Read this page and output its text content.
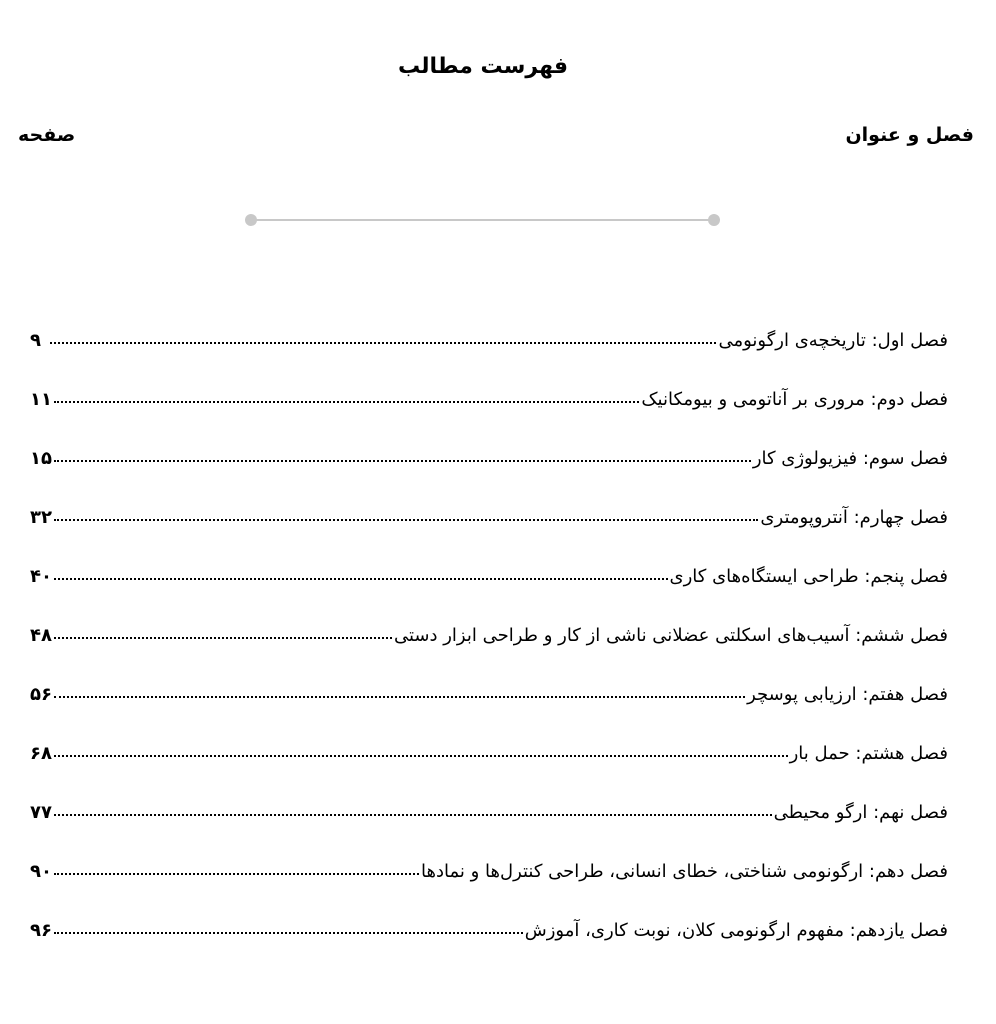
فهرست مطالب
فصل و عنوان
صفحه
فصل اول: تاریخچه‌ی ارگونومی
۹
فصل دوم: مروری بر آناتومی و بیومکانیک
۱۱
فصل سوم: فیزیولوژی کار
۱۵
فصل چهارم: آنتروپومتری
۳۲
فصل پنجم: طراحی ایستگاه‌های کاری
۴۰
فصل ششم: آسیب‌های اسکلتی عضلانی ناشی از کار و طراحی ابزار دستی
۴۸
فصل هفتم: ارزیابی پوسچر
۵۶
فصل هشتم: حمل بار
۶۸
فصل نهم: ارگو محیطی
۷۷
فصل دهم: ارگونومی شناختی، خطای انسانی، طراحی کنترل‌ها و نمادها
۹۰
فصل یازدهم: مفهوم ارگونومی کلان، نوبت کاری، آموزش
۹۶
